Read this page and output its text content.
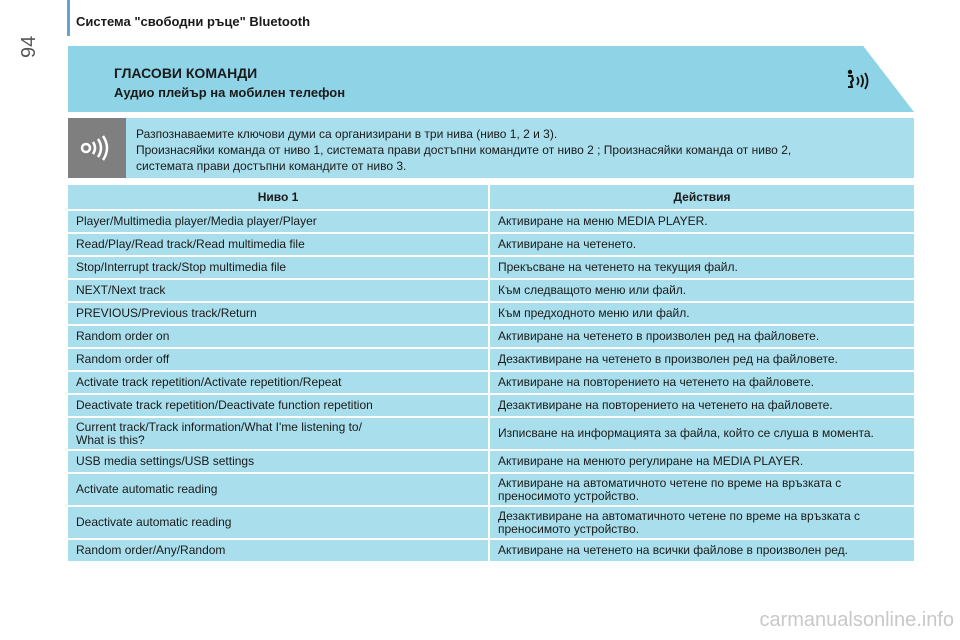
94
Система "свободни ръце" Bluetooth
ГЛАСОВИ КОМАНДИ
Аудио плейър на мобилен телефон

Разпознаваемите ключови думи са организирани в три нива (ниво 1, 2 и 3).

Произнасяйки команда от ниво 1, системата прави достъпни командите от ниво 2 ; Произнасяйки команда от ниво 2,

системата прави достъпни командите от ниво 3.

Ниво 1	Действия
Player/Multimedia player/Media player/Player	Активиране на меню MEDIA PLAYER.
Read/Play/Read track/Read multimedia file	Активиране на четенето.
Stop/Interrupt track/Stop multimedia file	Прекъсване на четенето на текущия файл.
NEXT/Next track	Към следващото меню или файл.
PREVIOUS/Previous track/Return	Към предходното меню или файл.
Random order on	Активиране на четенето в произволен ред на файловете.
Random order off	Дезактивиране на четенето в произволен ред на файловете.
Activate track repetition/Activate repetition/Repeat	Активиране на повторението на четенето на файловете.
Deactivate track repetition/Deactivate function repetition	Дезактивиране на повторението на четенето на файловете.
Current track/Track information/What I'me listening to/
What is this?	Изписване на информацията за файла, който се слуша в момента.
USB media settings/USB settings	Активиране на менюто регулиране на MEDIA PLAYER.
Activate automatic reading	Активиране на автоматичното четене по време на връзката с
преносимото устройство.
Deactivate automatic reading	Дезактивиране на автоматичното четене по време на връзката с
преносимото устройство.
Random order/Any/Random	Активиране на четенето на всички файлове в произволен ред.
carmanualsonline.info
